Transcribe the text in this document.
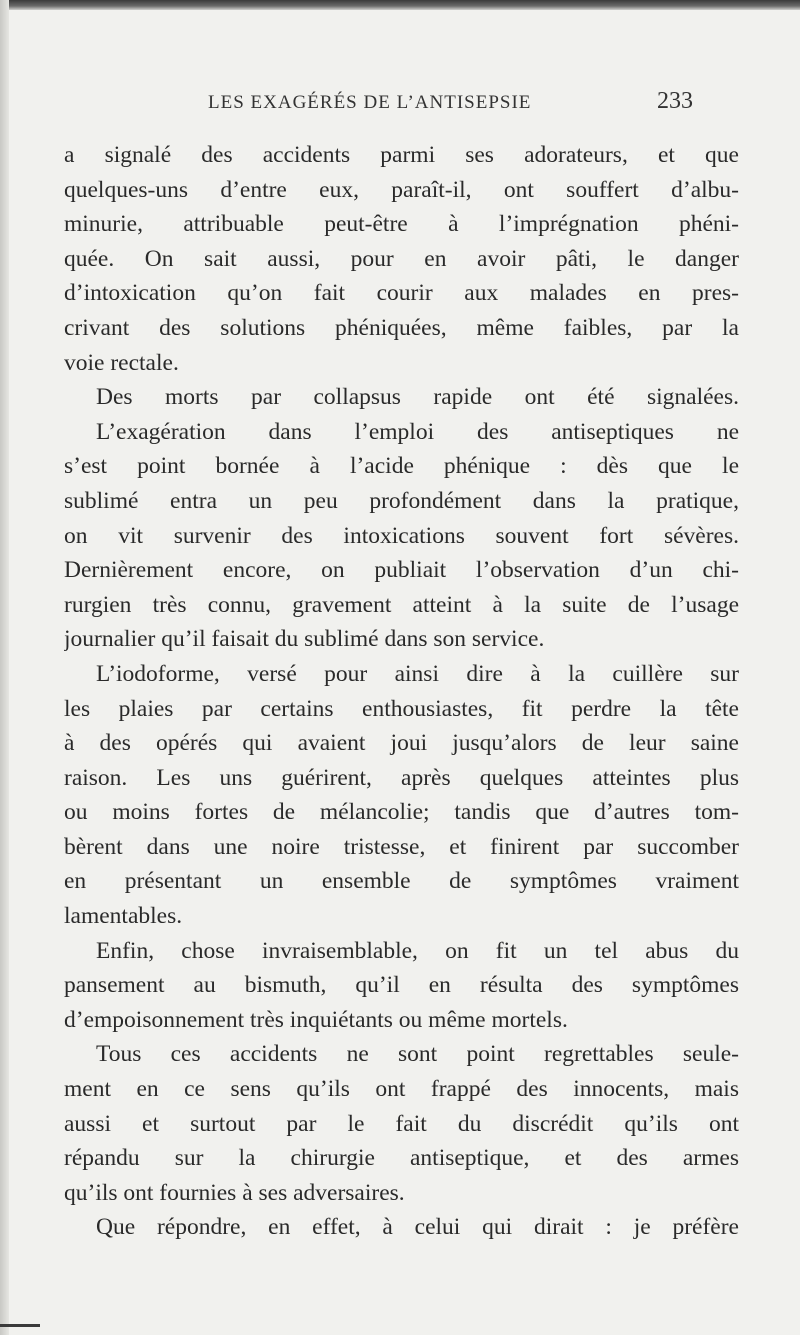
LES EXAGÉRÉS DE L’ANTISEPSIE	233
a signalé des accidents parmi ses adorateurs, et que
quelques-uns d’entre eux, paraît-il, ont souffert d’albu-
minurie, attribuable peut-être à l’imprégnation phéni-
quée. On sait aussi, pour en avoir pâti, le danger
d’intoxication qu’on fait courir aux malades en pres-
crivant des solutions phéniquées, même faibles, par la
voie rectale.
Des morts par collapsus rapide ont été signalées.
L’exagération dans l’emploi des antiseptiques ne
s’est point bornée à l’acide phénique : dès que le
sublimé entra un peu profondément dans la pratique,
on vit survenir des intoxications souvent fort sévères.
Dernièrement encore, on publiait l’observation d’un chi-
rurgien très connu, gravement atteint à la suite de l’usage
journalier qu’il faisait du sublimé dans son service.
L’iodoforme, versé pour ainsi dire à la cuillère sur
les plaies par certains enthousiastes, fit perdre la tête
à des opérés qui avaient joui jusqu’alors de leur saine
raison. Les uns guérirent, après quelques atteintes plus
ou moins fortes de mélancolie; tandis que d’autres tom-
bèrent dans une noire tristesse, et finirent par succomber
en présentant un ensemble de symptômes vraiment
lamentables.
Enfin, chose invraisemblable, on fit un tel abus du
pansement au bismuth, qu’il en résulta des symptômes
d’empoisonnement très inquiétants ou même mortels.
Tous ces accidents ne sont point regrettables seule-
ment en ce sens qu’ils ont frappé des innocents, mais
aussi et surtout par le fait du discrédit qu’ils ont
répandu sur la chirurgie antiseptique, et des armes
qu’ils ont fournies à ses adversaires.
Que répondre, en effet, à celui qui dirait : je préfère
